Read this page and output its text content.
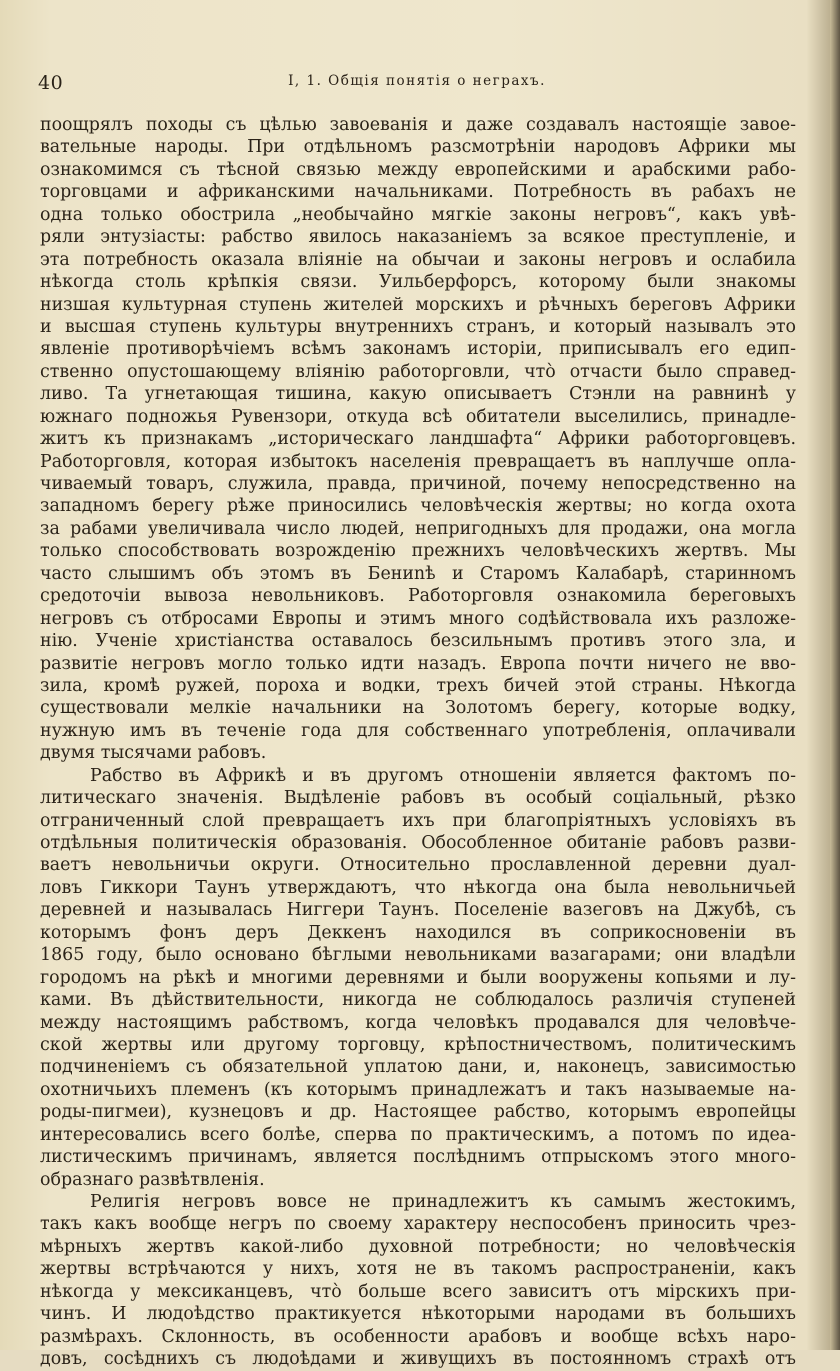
40	I, 1. Общія понятія о неграхъ.
поощрялъ походы съ цѣлью завоеванія и даже создавалъ настоящіе завое-
вательные народы. При отдѣльномъ разсмотрѣніи народовъ Африки мы
ознакомимся съ тѣсной связью между европейскими и арабскими рабо-
торговцами и африканскими начальниками. Потребность въ рабахъ не
одна только обострила „необычайно мягкіе законы негровъ“, какъ увѣ-
ряли энтузіасты: рабство явилось наказаніемъ за всякое преступленіе, и
эта потребность оказала вліяніе на обычаи и законы негровъ и ослабила
нѣкогда столь крѣпкія связи. Уильберфорсъ, которому были знакомы
низшая культурная ступень жителей морскихъ и рѣчныхъ береговъ Африки
и высшая ступень культуры внутреннихъ странъ, и который называлъ это
явленіе противорѣчіемъ всѣмъ законамъ исторіи, приписывалъ его едип-
ственно опустошающему вліянію работорговли, что̀ отчасти было справед-
ливо. Та угнетающая тишина, какую описываетъ Стэнли на равнинѣ у
южнаго подножья Рувензори, откуда всѣ обитатели выселились, принадле-
житъ къ признакамъ „историческаго ландшафта“ Африки работорговцевъ.
Работорговля, которая избытокъ населенія превращаетъ въ наплучше опла-
чиваемый товаръ, служила, правда, причиной, почему непосредственно на
западномъ берегу рѣже приносились человѣческія жертвы; но когда охота
за рабами увеличивала число людей, непригодныхъ для продажи, она могла
только способствовать возрожденію прежнихъ человѣческихъ жертвъ. Мы
часто слышимъ объ этомъ въ Бениnѣ и Старомъ Калабарѣ, старинномъ
средоточіи вывоза невольниковъ. Работорговля ознакомила береговыхъ
негровъ съ отбросами Европы и этимъ много содѣйствовала ихъ разложе-
нію. Ученіе христіанства оставалось безсильнымъ противъ этого зла, и
развитіе негровъ могло только идти назадъ. Европа почти ничего не вво-
зила, кромѣ ружей, пороха и водки, трехъ бичей этой страны. Нѣкогда
существовали мелкіе начальники на Золотомъ берегу, которые водку,
нужную имъ въ теченіе года для собственнаго употребленія, оплачивали
двумя тысячами рабовъ.
Рабство въ Африкѣ и въ другомъ отношеніи является фактомъ по-
литическаго значенія. Выдѣленіе рабовъ въ особый соціальный, рѣзко
отграниченный слой превращаетъ ихъ при благопріятныхъ условіяхъ въ
отдѣльныя политическія образованія. Обособленное обитаніе рабовъ разви-
ваетъ невольничьи округи. Относительно прославленной деревни дуал-
ловъ Гиккори Таунъ утверждаютъ, что нѣкогда она была невольничьей
деревней и называлась Ниггери Таунъ. Поселеніе вазеговъ на Джубѣ, съ
которымъ фонъ деръ Деккенъ находился въ соприкосновеніи въ
1865 году, было основано бѣглыми невольниками вазагарами; они владѣли
городомъ на рѣкѣ и многими деревнями и были вооружены копьями и лу-
ками. Въ дѣйствительности, никогда не соблюдалось различія ступеней
между настоящимъ рабствомъ, когда человѣкъ продавался для человѣче-
ской жертвы или другому торговцу, крѣпостничествомъ, политическимъ
подчиненіемъ съ обязательной уплатою дани, и, наконецъ, зависимостью
охотничьихъ племенъ (къ которымъ принадлежатъ и такъ называемые на-
роды-пигмеи), кузнецовъ и др. Настоящее рабство, которымъ европейцы
интересовались всего болѣе, сперва по практическимъ, а потомъ по идеа-
листическимъ причинамъ, является послѣднимъ отпрыскомъ этого много-
образнаго развѣтвленія.
Религія негровъ вовсе не принадлежитъ къ самымъ жестокимъ,
такъ какъ вообще негръ по своему характеру неспособенъ приносить чрез-
мѣрныхъ жертвъ какой-либо духовной потребности; но человѣческія
жертвы встрѣчаются у нихъ, хотя не въ такомъ распространеніи, какъ
нѣкогда у мексиканцевъ, что̀ больше всего зависитъ отъ мірскихъ при-
чинъ. И людоѣдство практикуется нѣкоторыми народами въ большихъ
размѣрахъ. Склонность, въ особенности арабовъ и вообще всѣхъ наро-
довъ, сосѣднихъ съ людоѣдами и живущихъ въ постоянномъ страхѣ отъ
